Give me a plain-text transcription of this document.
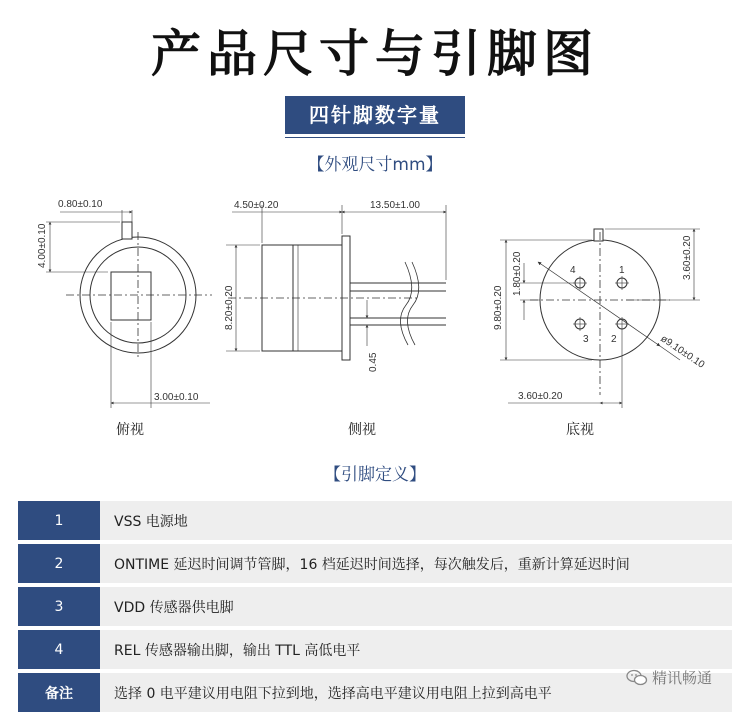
产品尺寸与引脚图
四针脚数字量
【外观尺寸mm】
0.80±0.10
4.00±0.10
3.00±0.10
俯视
4.50±0.20	13.50±1.00
8.20±0.20
0.45
侧视
4	1
3 2
3.60±0.20
9.80±0.20
1.80±0.20
3.60±0.20
ø9.10±0.10
底视
【引脚定义】
1	VSS 电源地
2	ONTIME 延迟时间调节管脚，16 档延迟时间选择，每次触发后，重新计算延迟时间
3	VDD 传感器供电脚
4	REL 传感器输出脚，输出 TTL 高低电平
备注	选择 0 电平建议用电阻下拉到地，选择高电平建议用电阻上拉到高电平
精讯畅通
